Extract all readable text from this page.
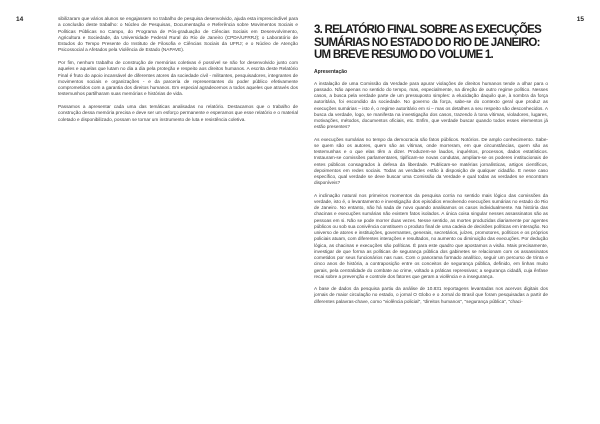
14	15

sibilizaram que vários alunos se engajassem no trabalho de pesquisa desenvolvido, ajuda esta imprescindível para a conclusão deste trabalho: o Núcleo de Pesquisas, Documentação e Referência sobre Movimentos Sociais e Políticas Públicas no Campo, do Programa de Pós-graduação de Ciências Sociais em Desenvolvimento, Agricultura e Sociedade, da Universidade Federal Rural do Rio de Janeiro (CPDA/UFRRJ); o Laboratório de Estudos do Tempo Presente do Instituto de Filosofia e Ciências Sociais da UFRJ; e o Núcleo de Atenção Psicossocial a Afetados pela Violência de Estado (NAPAVE).

Por fim, nenhum trabalho de construção de memórias coletivas é possível se não for desenvolvido junto com aqueles e aquelas que lutam no dia a dia pela proteção e respeito aos direitos humanos. A escrita deste Relatório Final é fruto do apoio incansável de diferentes atores da sociedade civil - militantes, pesquisadores, integrantes de movimentos sociais e organizações - e da parceria de representantes do poder público efetivamente comprometidos com a garantia dos direitos humanos. Em especial agradecemos a todos aqueles que através dos testemunhos partilharam suas memórias e histórias de vida.

Passamos a apresentar cada uma das temáticas analisadas no relatório. Destacamos que o trabalho de construção dessa memória precisa e deve ser um esforço permanente e esperamos que esse relatório e o material coletado e disponibilizado, possam se tornar um instrumento de luta e resistência coletiva.

3. RELATÓRIO FINAL SOBRE AS EXECUÇÕES SUMÁRIAS NO ESTADO DO RIO DE JANEIRO: UM BREVE RESUMO DO VOLUME 1.
Apresentação

A instalação de uma Comissão da Verdade para apurar violações de direitos humanos tende a olhar para o passado. Não apenas no sentido do tempo, mas, especialmente, na direção de outro regime político. Nesses casos, a busca pela verdade parte de um pressuposto simples: a elucidação daquilo que, à sombra da força autoritária, foi escondido da sociedade. No governo da força, sabe-se do contexto geral que produz as execuções sumárias – isto é, o regime autoritário em si – mas os detalhes a seu respeito são desconhecidos. A busca da verdade, logo, se manifesta na investigação dos casos, trazendo à tona vítimas, violadores, lugares, motivações, métodos, documentos oficiais, etc. Enfim, que verdade buscar quando todos esses elementos já estão presentes?

As execuções sumárias no tempo da democracia são fatos públicos. Notórios. De amplo conhecimento. Sabe-se quem são os autores, quem são as vítimas, onde morreram, em que circunstâncias, quem são as testemunhas e o que elas têm a dizer. Produzem-se laudos, inquéritos, processos, dados estatísticos. Instauram-se comissões parlamentares, tipificam-se novas condutas, ampliam-se os poderes institucionais de entes públicos consagrados à defesa da liberdade. Publicam-se matérias jornalísticas, artigos científicos, depoimentos em redes sociais. Todas as verdades estão à disposição de qualquer cidadão. E nesse caso específico, qual verdade se deve buscar uma Comissão da Verdade e qual todas as verdades se encontram disponíveis?

A inclinação natural nos primeiros momentos da pesquisa corria no sentido mais lógico das comissões da verdade, isto é, o levantamento e investigação dos episódios envolvendo execuções sumárias no estado do Rio de Janeiro. No entanto, não há nada de novo quando analisamos os casos individualmente. Na história das chacinas e execuções sumárias não existem fatos isolados. A única coisa singular nesses assassinatos são as pessoas em si. Não se pode morrer duas vezes. Nesse sentido, as mortes produzidas diariamente por agentes públicos ou sob sua conivência constituem o produto final de uma cadeia de decisões políticas em interação. No universo de atores e instituições, governantes, generais, secretários, juízes, promotores, políticos e os próprios policiais atuam, com diferentes interações e resultados, no aumento ou diminuição das execuções. Por dedução lógica, as chacinas e execuções são políticas. É para este quadro que apostamos a visão. Mais precisamente, investigar de que forma as políticas de segurança pública dos gabinetes se relacionam com os assassinatos cometidos por seus funcionários nas ruas. Com o panorama formado analítico, seguir um percurso de trinta e cinco anos de história, a contraposição entre os conceitos de segurança pública, definido, em linhas muito gerais, pela centralidade do combate ao crime, voltado a práticas repressivas; a segurança cidadã, cuja ênfase recai sobre a prevenção e controle dos fatores que geram a violência e a insegurança.

A base de dados da pesquisa partiu da análise de 10.831 reportagens levantadas nos acervos digitais dos jornais de maior circulação no estado, o jornal O Globo e o Jornal do Brasil que foram pesquisadas a partir de diferentes palavras-chave, como "violência policial", "direitos humanos", "segurança pública", "chaci-
